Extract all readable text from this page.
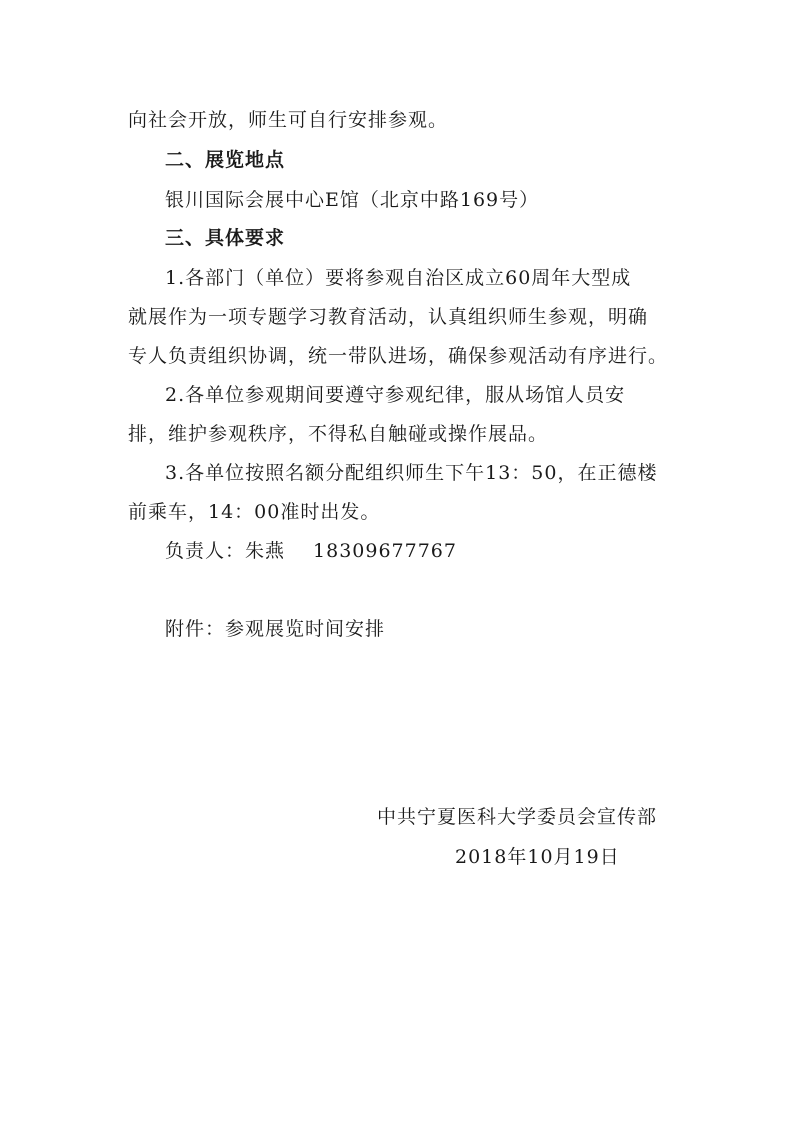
向社会开放，师生可自行安排参观。
二、展览地点
银川国际会展中心E馆（北京中路169号）
三、具体要求
1.各部门（单位）要将参观自治区成立60周年大型成
就展作为一项专题学习教育活动，认真组织师生参观，明确
专人负责组织协调，统一带队进场，确保参观活动有序进行。
2.各单位参观期间要遵守参观纪律，服从场馆人员安
排，维护参观秩序，不得私自触碰或操作展品。
3.各单位按照名额分配组织师生下午13：50，在正德楼
前乘车，14：00准时出发。
负责人：朱燕 18309677767
附件：参观展览时间安排
中共宁夏医科大学委员会宣传部
2018年10月19日
